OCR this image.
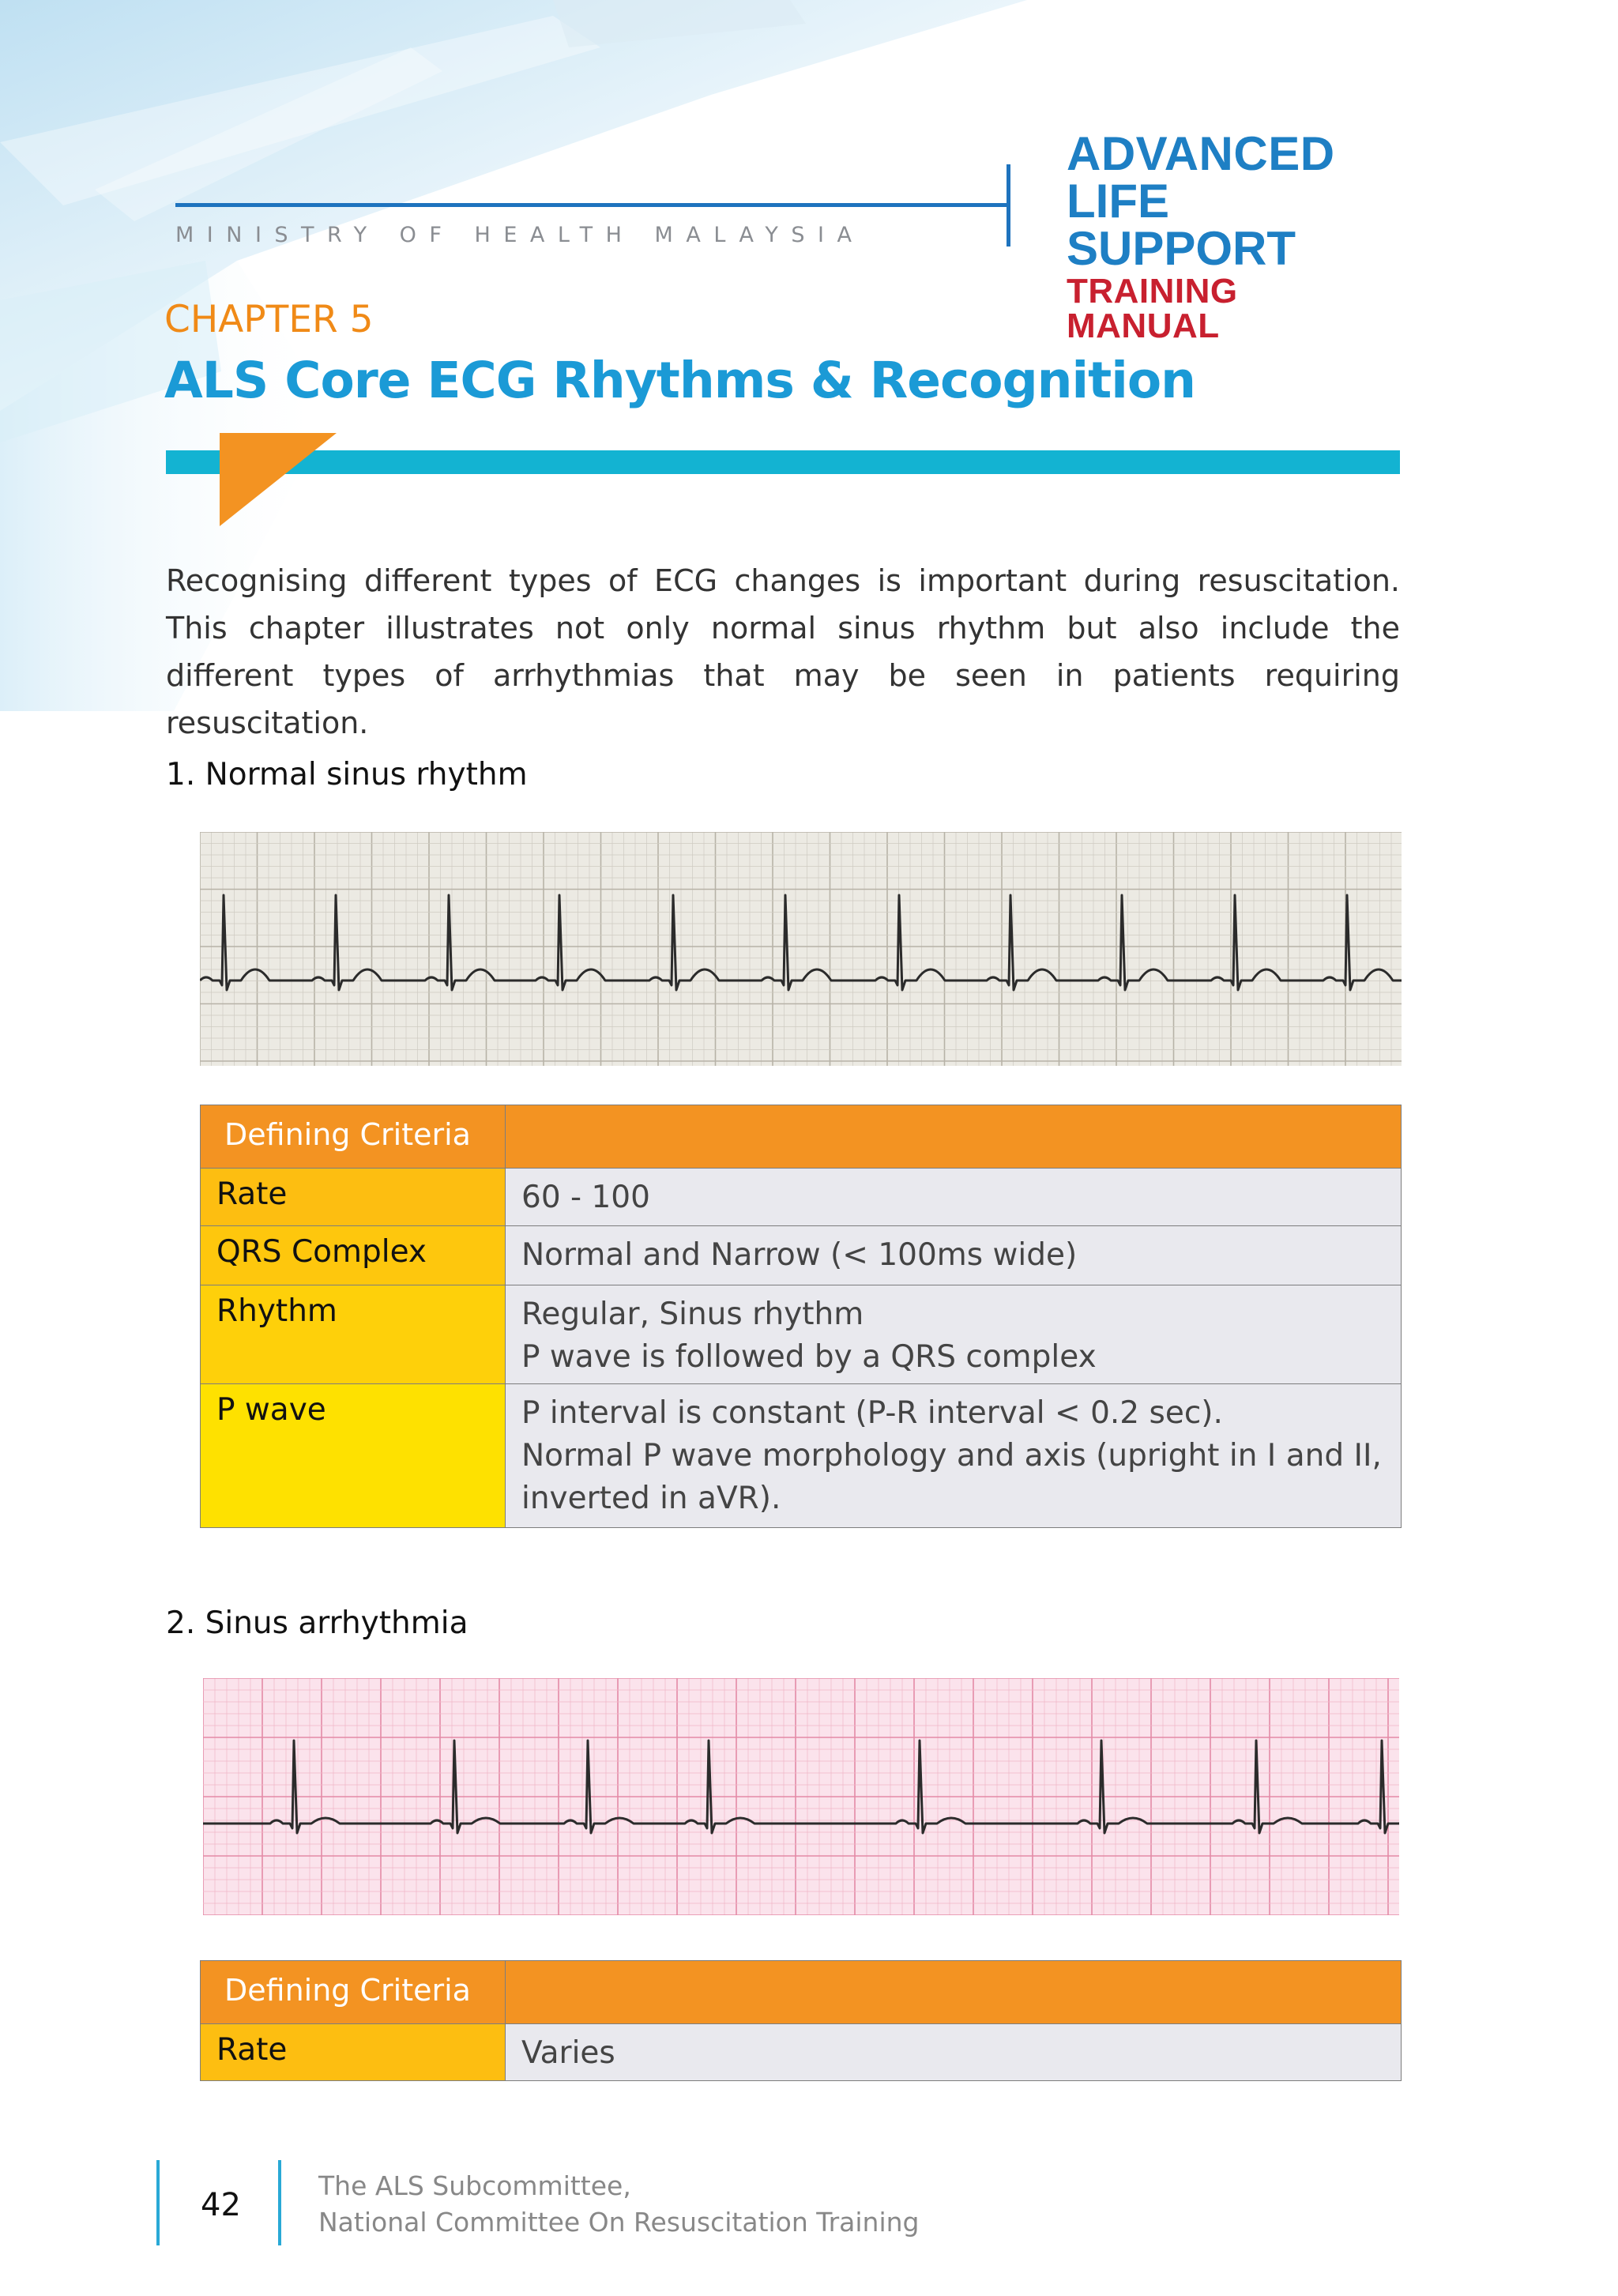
MINISTRY OF HEALTH MALAYSIA
ADVANCED
LIFE SUPPORT
TRAINING MANUAL
CHAPTER 5
ALS Core ECG Rhythms & Recognition

Recognising different types of ECG changes is important during resuscitation. This chapter illustrates not only normal sinus rhythm but also include the different types of arrhythmias that may be seen in patients requiring resuscitation.

1. Normal sinus rhythm
Defining Criteria	
Rate	60 - 100

QRS Complex	Normal and Narrow (< 100ms wide)

Rhythm	Regular, Sinus rhythm
P wave is followed by a QRS complex

P wave	P interval is constant (P-R interval < 0.2 sec).
Normal P wave morphology and axis (upright in I and II,
inverted in aVR).
2. Sinus arrhythmia
Defining Criteria	
Rate	Varies
42
The ALS Subcommittee,
National Committee On Resuscitation Training
